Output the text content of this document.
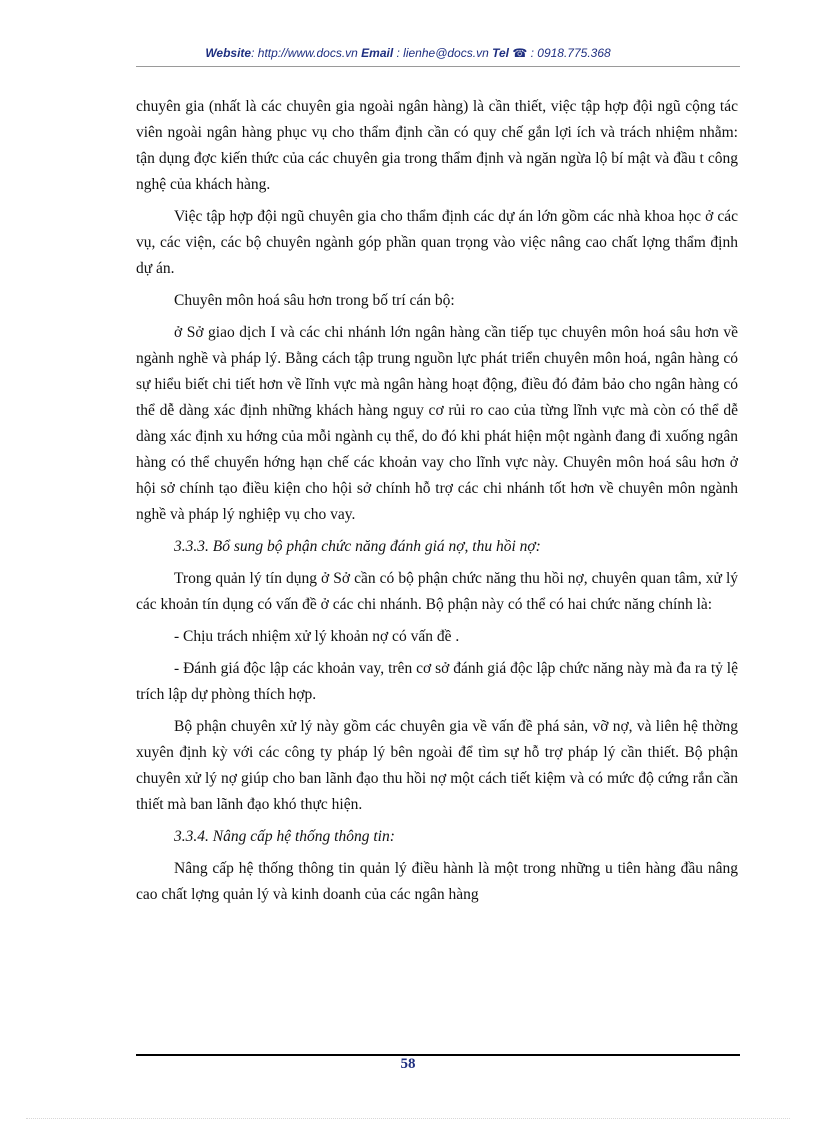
Website: http://www.docs.vn Email : lienhe@docs.vn Tel ☎ : 0918.775.368

chuyên gia (nhất là các chuyên gia ngoài ngân hàng) là cần thiết, việc tập hợp đội ngũ cộng tác viên ngoài ngân hàng phục vụ cho thẩm định cần có quy chế gắn lợi ích và trách nhiệm nhằm: tận dụng đợc kiến thức của các chuyên gia trong thẩm định và ngăn ngừa lộ bí mật và đầu t công nghệ của khách hàng.

Việc tập hợp đội ngũ chuyên gia cho thẩm định các dự án lớn gồm các nhà khoa học ở các vụ, các viện, các bộ chuyên ngành góp phần quan trọng vào việc nâng cao chất lợng thẩm định dự án.

Chuyên môn hoá sâu hơn trong bố trí cán bộ:

ở Sở giao dịch I và các chi nhánh lớn ngân hàng cần tiếp tục chuyên môn hoá sâu hơn về ngành nghề và pháp lý. Bằng cách tập trung nguồn lực phát triển chuyên môn hoá, ngân hàng có sự hiểu biết chi tiết hơn về lĩnh vực mà ngân hàng hoạt động, điều đó đảm bảo cho ngân hàng có thể dễ dàng xác định những khách hàng nguy cơ rủi ro cao của từng lĩnh vực mà còn có thể dễ dàng xác định xu hớng của mỗi ngành cụ thể, do đó khi phát hiện một ngành đang đi xuống ngân hàng có thể chuyển hớng hạn chế các khoản vay cho lĩnh vực này. Chuyên môn hoá sâu hơn ở hội sở chính tạo điều kiện cho hội sở chính hỗ trợ các chi nhánh tốt hơn về chuyên môn ngành nghề và pháp lý nghiệp vụ cho vay.

3.3.3. Bổ sung bộ phận chức năng đánh giá nợ, thu hồi nợ:

Trong quản lý tín dụng ở Sở cần có bộ phận chức năng thu hồi nợ, chuyên quan tâm, xử lý các khoản tín dụng có vấn đề ở các chi nhánh. Bộ phận này có thể có hai chức năng chính là:

- Chịu trách nhiệm xử lý khoản nợ có vấn đề .

- Đánh giá độc lập các khoản vay, trên cơ sở đánh giá độc lập chức năng này mà đa ra tỷ lệ trích lập dự phòng thích hợp.

Bộ phận chuyên xử lý này gồm các chuyên gia về vấn đề phá sản, vỡ nợ, và liên hệ thờng xuyên định kỳ với các công ty pháp lý bên ngoài để tìm sự hỗ trợ pháp lý cần thiết. Bộ phận chuyên xử lý nợ giúp cho ban lãnh đạo thu hồi nợ một cách tiết kiệm và có mức độ cứng rắn cần thiết mà ban lãnh đạo khó thực hiện.

3.3.4. Nâng cấp hệ thống thông tin:

Nâng cấp hệ thống thông tin quản lý điều hành là một trong những u tiên hàng đầu nâng cao chất lợng quản lý và kinh doanh của các ngân hàng

58
